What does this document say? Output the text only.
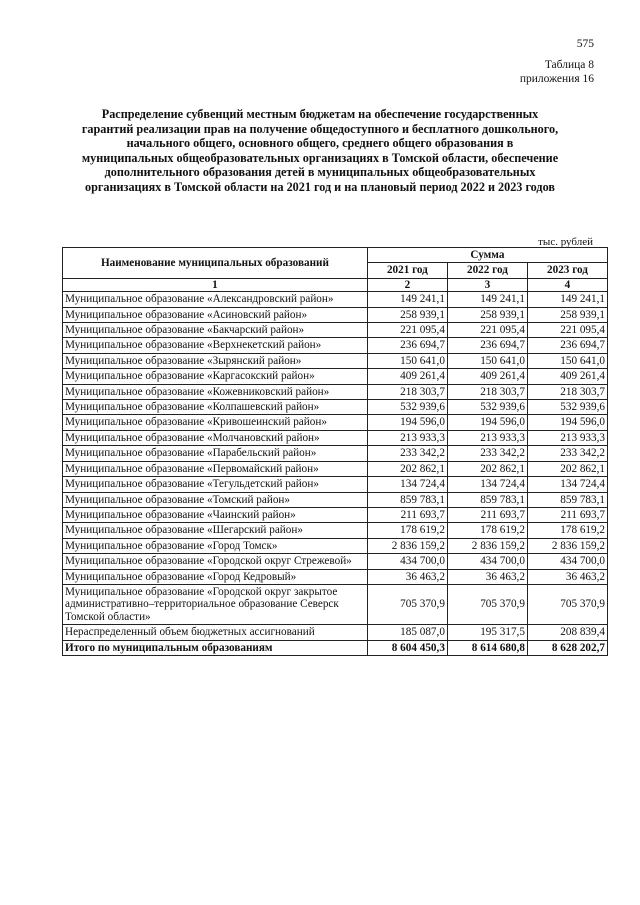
575
Таблица 8
приложения 16
Распределение субвенций местным бюджетам на обеспечение государственных гарантий реализации прав на получение общедоступного и бесплатного дошкольного, начального общего, основного общего, среднего общего образования в муниципальных общеобразовательных организациях в Томской области, обеспечение дополнительного образования детей в муниципальных общеобразовательных организациях в Томской области на 2021 год и на плановый период 2022 и 2023 годов
тыс. рублей
Наименование муниципальных образований	Сумма		
	2021 год	2022 год	2023 год
1	2	3	4
Муниципальное образование «Александровский район»	149 241,1	149 241,1	149 241,1
Муниципальное образование «Асиновский район»	258 939,1	258 939,1	258 939,1
Муниципальное образование «Бакчарский район»	221 095,4	221 095,4	221 095,4
Муниципальное образование «Верхнекетский район»	236 694,7	236 694,7	236 694,7
Муниципальное образование «Зырянский район»	150 641,0	150 641,0	150 641,0
Муниципальное образование «Каргасокский район»	409 261,4	409 261,4	409 261,4
Муниципальное образование «Кожевниковский район»	218 303,7	218 303,7	218 303,7
Муниципальное образование «Колпашевский район»	532 939,6	532 939,6	532 939,6
Муниципальное образование «Кривошеинский район»	194 596,0	194 596,0	194 596,0
Муниципальное образование «Молчановский район»	213 933,3	213 933,3	213 933,3
Муниципальное образование «Парабельский район»	233 342,2	233 342,2	233 342,2
Муниципальное образование «Первомайский район»	202 862,1	202 862,1	202 862,1
Муниципальное образование «Тегульдетский район»	134 724,4	134 724,4	134 724,4
Муниципальное образование «Томский район»	859 783,1	859 783,1	859 783,1
Муниципальное образование «Чаинский район»	211 693,7	211 693,7	211 693,7
Муниципальное образование «Шегарский район»	178 619,2	178 619,2	178 619,2
Муниципальное образование «Город Томск»	2 836 159,2	2 836 159,2	2 836 159,2
Муниципальное образование «Городской округ Стрежевой»	434 700,0	434 700,0	434 700,0
Муниципальное образование «Город Кедровый»	36 463,2	36 463,2	36 463,2
Муниципальное образование «Городской округ закрытое административно–территориальное образование Северск Томской области»	705 370,9	705 370,9	705 370,9
Нераспределенный объем бюджетных ассигнований	185 087,0	195 317,5	208 839,4
Итого по муниципальным образованиям	8 604 450,3	8 614 680,8	8 628 202,7
